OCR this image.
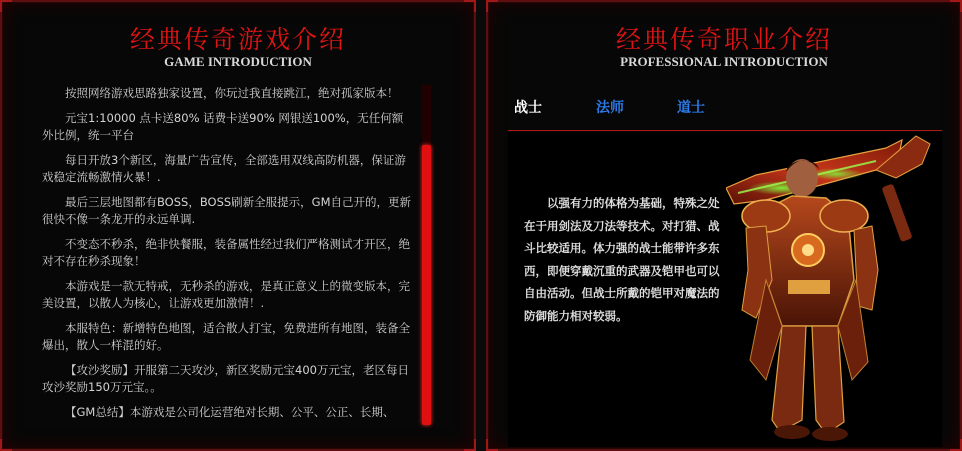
经典传奇游戏介绍
GAME INTRODUCTION

按照网络游戏思路独家设置，你玩过我直接跳江，绝对孤家版本！

元宝1:10000 点卡送80% 话费卡送90% 网银送100%，无任何额外比例，统一平台

每日开放3个新区，海量广告宣传，全部选用双线高防机器，保证游戏稳定流畅激情火暴！.

最后三层地图都有BOSS，BOSS刷新全服提示，GM自己开的，更新很快不像一条龙开的永远单调.

不变态不秒杀，绝非快餐服，装备属性经过我们严格测试才开区，绝对不存在秒杀现象！

本游戏是一款无特戒，无秒杀的游戏，是真正意义上的微变版本，完美设置，以散人为核心，让游戏更加激情！.

本服特色：新增特色地图，适合散人打宝，免费进所有地图，装备全爆出，散人一样混的好。

【攻沙奖励】开服第二天攻沙，新区奖励元宝400万元宝，老区每日攻沙奖励150万元宝。。

【GM总结】本游戏是公司化运营绝对长期、公平、公正、长期、

经典传奇职业介绍
PROFESSIONAL INTRODUCTION
战士	法师	道士
以强有力的体格为基础，特殊之处在于用剑法及刀法等技术。对打猎、战斗比较适用。体力强的战士能带许多东西，即便穿戴沉重的武器及铠甲也可以自由活动。但战士所戴的铠甲对魔法的防御能力相对较弱。
